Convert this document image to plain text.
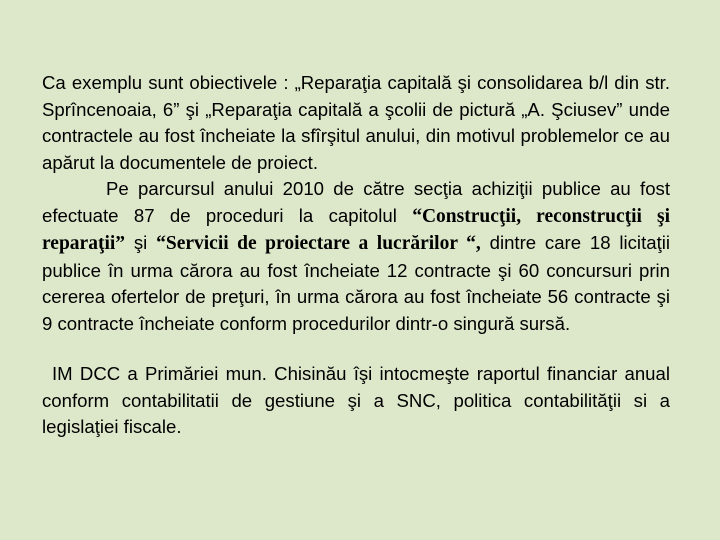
Ca exemplu sunt obiectivele : „Reparaţia capitală şi consolidarea b/l din str. Sprîncenoaia, 6” şi „Reparaţia capitală a şcolii de pictură „A. Şciusev” unde contractele au fost încheiate la sfîrşitul anului, din motivul problemelor ce au apărut la documentele de proiect.

Pe parcursul anului 2010 de către secţia achiziţii publice au fost efectuate 87 de proceduri la capitolul “Construcţii, reconstrucţii şi reparaţii” şi “Servicii de proiectare a lucrărilor “, dintre care 18 licitaţii publice în urma cărora au fost încheiate 12 contracte şi 60 concursuri prin cererea ofertelor de preţuri, în urma cărora au fost încheiate 56 contracte şi 9 contracte încheiate conform procedurilor dintr-o singură sursă.

IM DCC a Primăriei mun. Chisinău îşi intocmeşte raportul financiar anual conform contabilitatii de gestiune şi a SNC, politica contabilităţii si a legislaţiei fiscale.
